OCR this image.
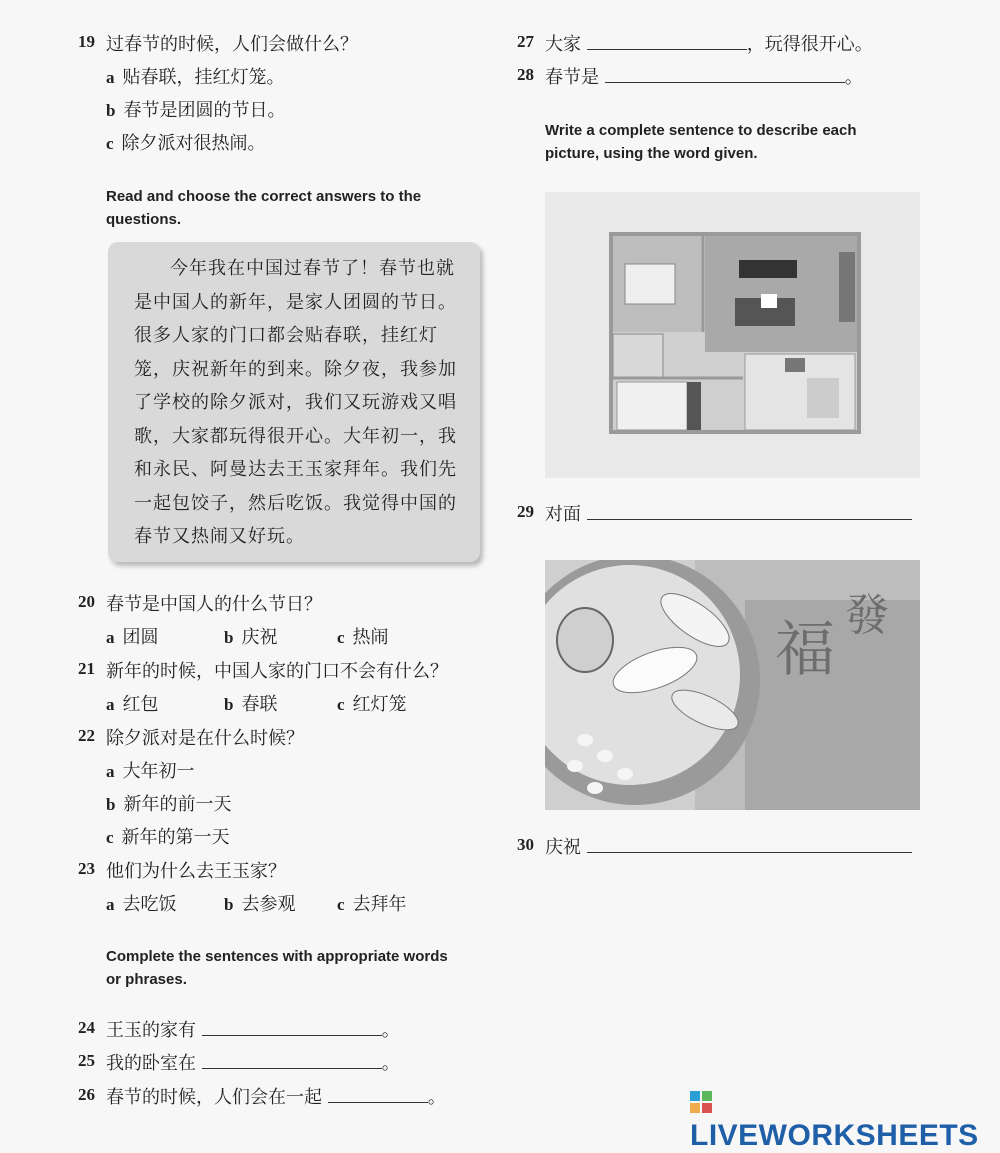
19 过春节的时候，人们会做什么？
a 贴春联，挂红灯笼。
b 春节是团圆的节日。
c 除夕派对很热闹。
Read and choose the correct answers to the
questions.

今年我在中国过春节了！春节也就是中国人的新年，是家人团圆的节日。很多人家的门口都会贴春联，挂红灯笼，庆祝新年的到来。除夕夜，我参加了学校的除夕派对，我们又玩游戏又唱歌，大家都玩得很开心。大年初一，我和永民、阿曼达去王玉家拜年。我们先一起包饺子，然后吃饭。我觉得中国的春节又热闹又好玩。

20 春节是中国人的什么节日？
a 团圆	b 庆祝	c 热闹
21 新年的时候，中国人家的门口不会有什么？
a 红包	b 春联	c 红灯笼
22 除夕派对是在什么时候？
a 大年初一
b 新年的前一天
c 新年的第一天
23 他们为什么去王玉家？
a 去吃饭	b 去参观 c 去拜年
Complete the sentences with appropriate words
or phrases.
24 王玉的家有	。
25 我的卧室在	。
26 春节的时候，人们会在一起	。
27 大家	，玩得很开心。
28 春节是	。
Write a complete sentence to describe each
picture, using the word given.
29 对面
福 發
30 庆祝
LIVEWORKSHEETS
